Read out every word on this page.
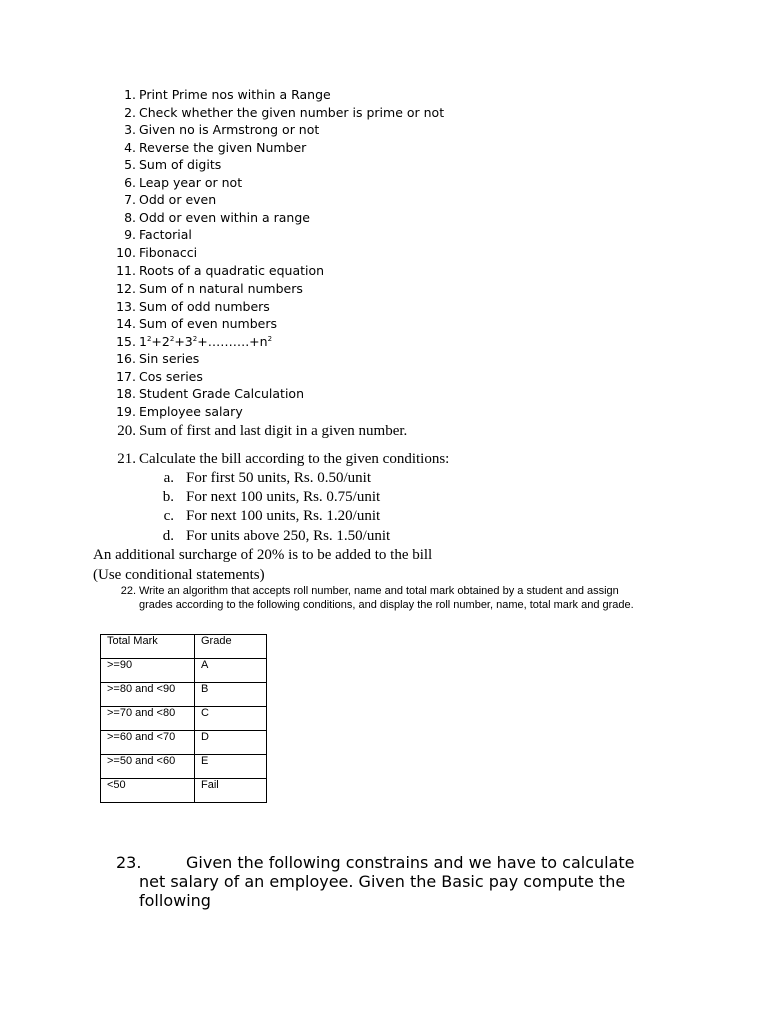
1. Print Prime nos within a Range
2. Check whether the given number is prime or not
3. Given no is Armstrong or not
4. Reverse the given Number
5. Sum of digits
6. Leap year or not
7. Odd or even
8. Odd or even within a range
9. Factorial
10. Fibonacci
11. Roots of a quadratic equation
12. Sum of n natural numbers
13. Sum of odd numbers
14. Sum of even numbers
15. $1^2+2^2+3^2+\dots\dots\dots.+n^2$
16. Sin series
17. Cos series
18. Student Grade Calculation
19. Employee salary
20. Sum of first and last digit in a given number.
21. Calculate the bill according to the given conditions:
a. For first 50 units, Rs. 0.50/unit
b. For next 100 units, Rs. 0.75/unit
c. For next 100 units, Rs. 1.20/unit
d. For units above 250, Rs. 1.50/unit
An additional surcharge of 20% is to be added to the bill
(Use conditional statements)
22. Write an algorithm that accepts roll number, name and total mark obtained by a student and assign
grades according to the following conditions, and display the roll number, name, total mark and grade.
Total Mark	Grade
>=90	A
>=80 and <90	B
>=70 and <80	C
>=60 and <70	D
>=50 and <60	E
<50	Fail
23.	Given the following constrains and we have to calculate
net salary of an employee. Given the Basic pay compute the
following
